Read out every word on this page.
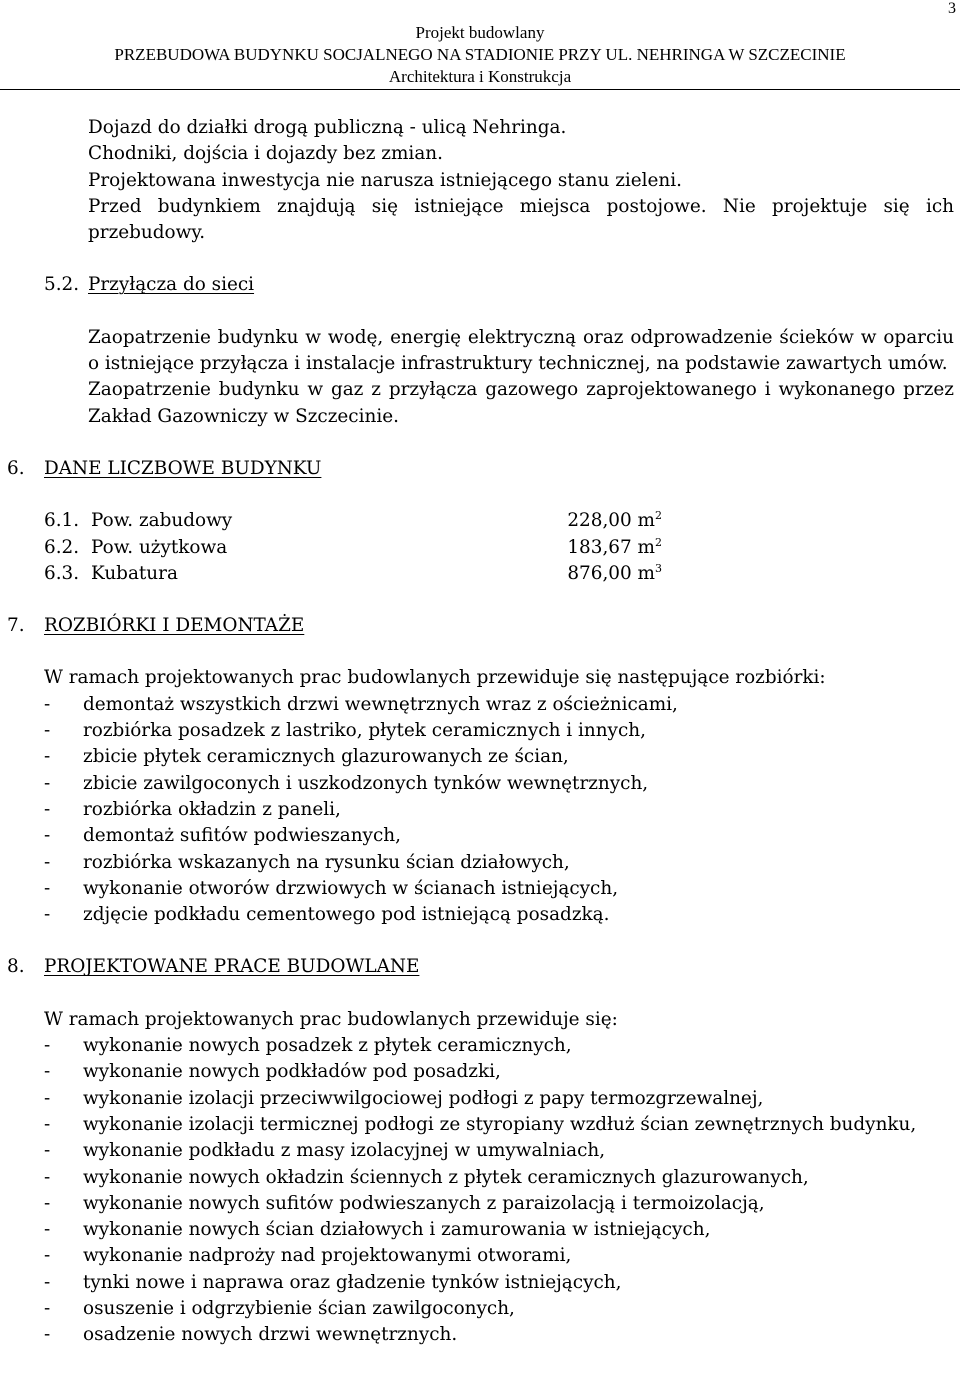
3
Projekt budowlany
PRZEBUDOWA BUDYNKU SOCJALNEGO NA STADIONIE PRZY UL. NEHRINGA W SZCZECINIE
Architektura i Konstrukcja

Dojazd do działki drogą publiczną - ulicą Nehringa.

Chodniki, dojścia i dojazdy bez zmian.

Projektowana inwestycja nie narusza istniejącego stanu zieleni.

Przed budynkiem znajdują się istniejące miejsca postojowe. Nie projektuje się ich przebudowy.

5.2. Przyłącza do sieci

Zaopatrzenie budynku w wodę, energię elektryczną oraz odprowadzenie ścieków w oparciu o istniejące przyłącza i instalacje infrastruktury technicznej, na podstawie zawartych umów.

Zaopatrzenie budynku w gaz z przyłącza gazowego zaprojektowanego i wykonanego przez Zakład Gazowniczy w Szczecinie.

6.	DANE LICZBOWE BUDYNKU
6.1. Pow. zabudowy	228,00 $m^2$
6.2. Pow. użytkowa	183,67 $m^2$
6.3. Kubatura	876,00 $m^3$
7.	ROZBIÓRKI I DEMONTAŻE

W ramach projektowanych prac budowlanych przewiduje się następujące rozbiórki:

-	demontaż wszystkich drzwi wewnętrznych wraz z ościeżnicami,
-	rozbiórka posadzek z lastriko, płytek ceramicznych i innych,
-	zbicie płytek ceramicznych glazurowanych ze ścian,
-	zbicie zawilgoconych i uszkodzonych tynków wewnętrznych,
-	rozbiórka okładzin z paneli,
-	demontaż sufitów podwieszanych,
-	rozbiórka wskazanych na rysunku ścian działowych,
-	wykonanie otworów drzwiowych w ścianach istniejących,
-	zdjęcie podkładu cementowego pod istniejącą posadzką.
8.	PROJEKTOWANE PRACE BUDOWLANE

W ramach projektowanych prac budowlanych przewiduje się:

-	wykonanie nowych posadzek z płytek ceramicznych,
-	wykonanie nowych podkładów pod posadzki,
-	wykonanie izolacji przeciwwilgociowej podłogi z papy termozgrzewalnej,
-	wykonanie izolacji termicznej podłogi ze styropiany wzdłuż ścian zewnętrznych budynku,
-	wykonanie podkładu z masy izolacyjnej w umywalniach,
-	wykonanie nowych okładzin ściennych z płytek ceramicznych glazurowanych,
-	wykonanie nowych sufitów podwieszanych z paraizolacją i termoizolacją,
-	wykonanie nowych ścian działowych i zamurowania w istniejących,
-	wykonanie nadproży nad projektowanymi otworami,
-	tynki nowe i naprawa oraz gładzenie tynków istniejących,
-	osuszenie i odgrzybienie ścian zawilgoconych,
-	osadzenie nowych drzwi wewnętrznych.
